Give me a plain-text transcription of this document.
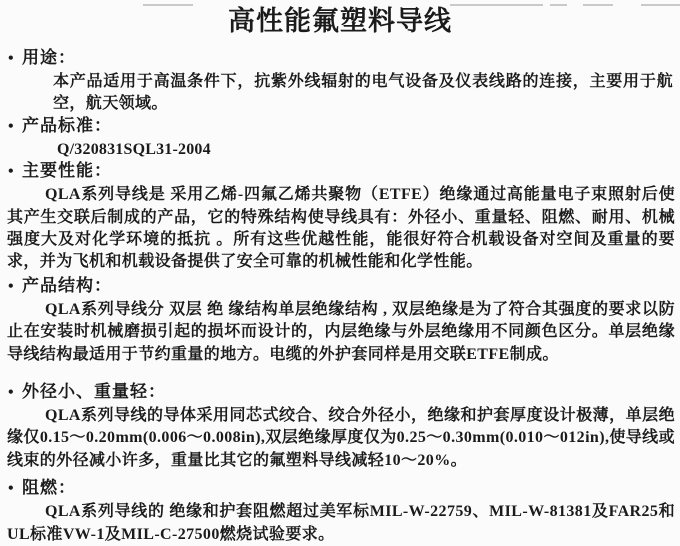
高性能氟塑料导线
• 用途：

本产品适用于高温条件下，抗紫外线辐射的电气设备及仪表线路的连接，主要用于航空，航天领域。

• 产品标准：

Q/320831SQL31-2004

• 主要性能：

QLA系列导线是 采用乙烯-四氟乙烯共聚物（ETFE）绝缘通过高能量电子束照射后使其产生交联后制成的产品，它的特殊结构使导线具有：外径小、重量轻、阻燃、耐用、机械强度大及对化学环境的抵抗 。所有这些优越性能，能很好符合机载设备对空间及重量的要求，并为飞机和机载设备提供了安全可靠的机械性能和化学性能。

• 产品结构：

QLA系列导线分 双层 绝 缘结构单层绝缘结构 , 双层绝缘是为了符合其强度的要求以防止在安装时机械磨损引起的损坏而设计的，内层绝缘与外层绝缘用不同颜色区分。单层绝缘导线结构最适用于节约重量的地方。电缆的外护套同样是用交联ETFE制成。

• 外径小、重量轻：

QLA系列导线的导体采用同芯式绞合、绞合外径小，绝缘和护套厚度设计极薄，单层绝缘仅0.15～0.20mm(0.006～0.008in),双层绝缘厚度仅为0.25～0.30mm(0.010～012in),使导线或线束的外径减小许多，重量比其它的氟塑料导线减轻10～20%。

• 阻燃：

QLA系列导线的 绝缘和护套阻燃超过美军标MIL-W-22759、MIL-W-81381及FAR25和UL标准VW-1及MIL-C-27500燃烧试验要求。
